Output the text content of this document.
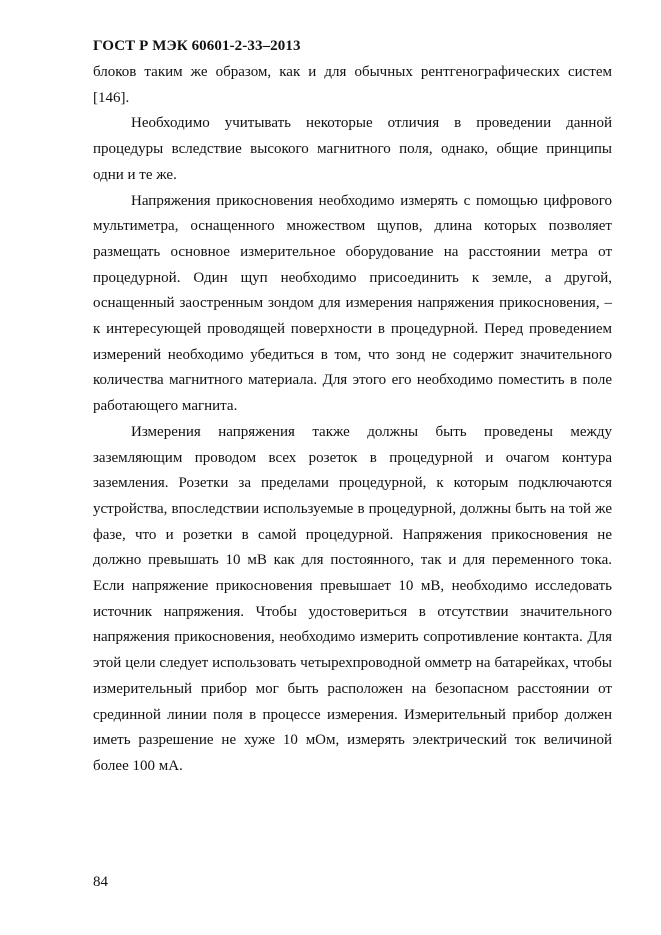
ГОСТ Р МЭК 60601-2-33–2013

блоков таким же образом, как и для обычных рентгенографических систем [146].

Необходимо учитывать некоторые отличия в проведении данной процедуры вследствие высокого магнитного поля, однако, общие принципы одни и те же.

Напряжения прикосновения необходимо измерять с помощью цифрового мультиметра, оснащенного множеством щупов, длина которых позволяет размещать основное измерительное оборудование на расстоянии метра от процедурной. Один щуп необходимо присоединить к земле, а другой, оснащенный заостренным зондом для измерения напряжения прикосновения, – к интересующей проводящей поверхности в процедурной. Перед проведением измерений необходимо убедиться в том, что зонд не содержит значительного количества магнитного материала. Для этого его необходимо поместить в поле работающего магнита.

Измерения напряжения также должны быть проведены между заземляющим проводом всех розеток в процедурной и очагом контура заземления. Розетки за пределами процедурной, к которым подключаются устройства, впоследствии используемые в процедурной, должны быть на той же фазе, что и розетки в самой процедурной. Напряжения прикосновения не должно превышать 10 мВ как для постоянного, так и для переменного тока. Если напряжение прикосновения превышает 10 мВ, необходимо исследовать источник напряжения. Чтобы удостовериться в отсутствии значительного напряжения прикосновения, необходимо измерить сопротивление контакта. Для этой цели следует использовать четырехпроводной омметр на батарейках, чтобы измерительный прибор мог быть расположен на безопасном расстоянии от срединной линии поля в процессе измерения. Измерительный прибор должен иметь разрешение не хуже 10 мОм, измерять электрический ток величиной более 100 мА.

84
